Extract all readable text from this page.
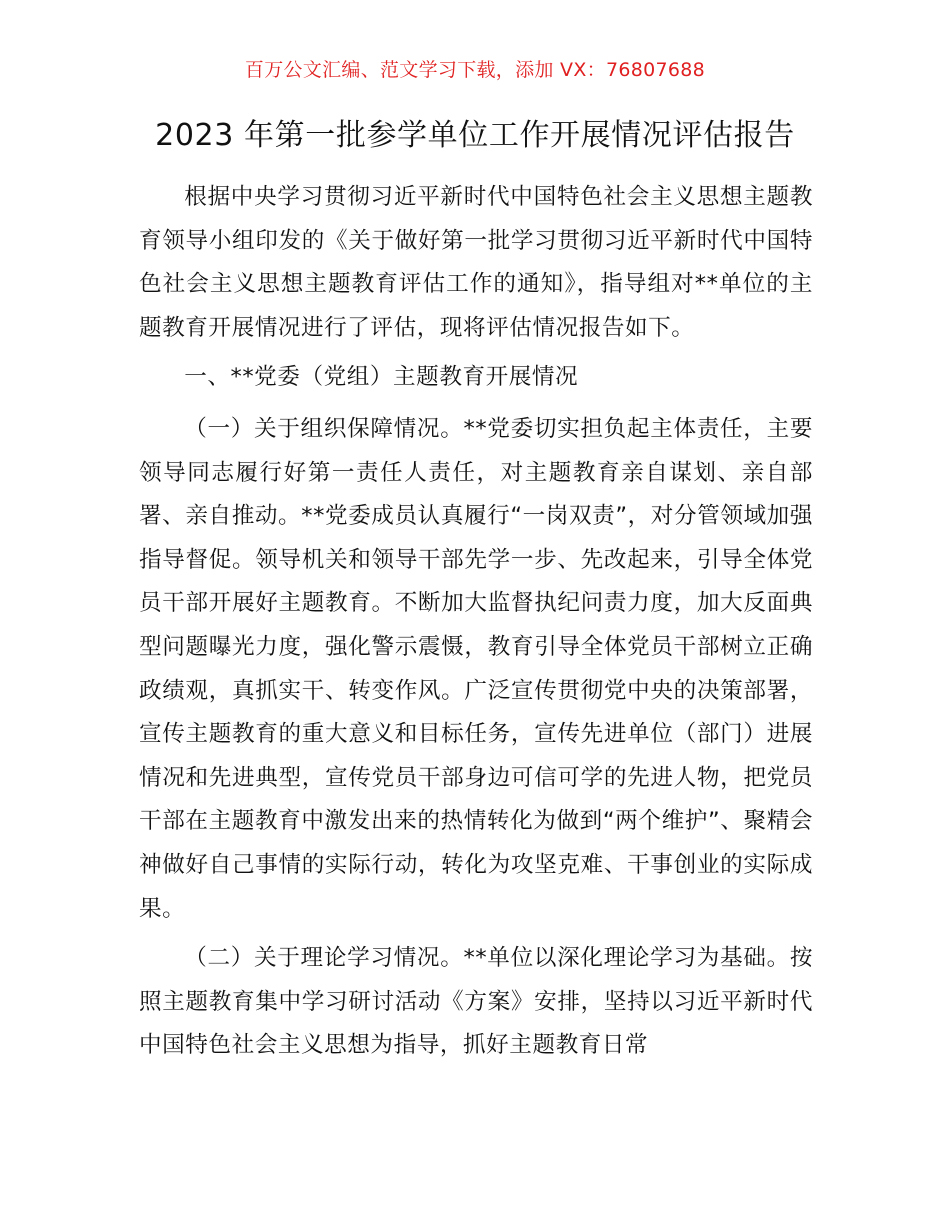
百万公文汇编、范文学习下载，添加 VX：76807688
2023 年第一批参学单位工作开展情况评估报告

根据中央学习贯彻习近平新时代中国特色社会主义思想主题教育领导小组印发的《关于做好第一批学习贯彻习近平新时代中国特色社会主义思想主题教育评估工作的通知》，指导组对**单位的主题教育开展情况进行了评估，现将评估情况报告如下。

一、**党委（党组）主题教育开展情况

（一）关于组织保障情况。**党委切实担负起主体责任，主要领导同志履行好第一责任人责任，对主题教育亲自谋划、亲自部署、亲自推动。**党委成员认真履行“一岗双责”，对分管领域加强指导督促。领导机关和领导干部先学一步、先改起来，引导全体党员干部开展好主题教育。不断加大监督执纪问责力度，加大反面典型问题曝光力度，强化警示震慑，教育引导全体党员干部树立正确政绩观，真抓实干、转变作风。广泛宣传贯彻党中央的决策部署，宣传主题教育的重大意义和目标任务，宣传先进单位（部门）进展情况和先进典型，宣传党员干部身边可信可学的先进人物，把党员干部在主题教育中激发出来的热情转化为做到“两个维护”、聚精会神做好自己事情的实际行动，转化为攻坚克难、干事创业的实际成果。

（二）关于理论学习情况。**单位以深化理论学习为基础。按照主题教育集中学习研讨活动《方案》安排，坚持以习近平新时代中国特色社会主义思想为指导，抓好主题教育日常
